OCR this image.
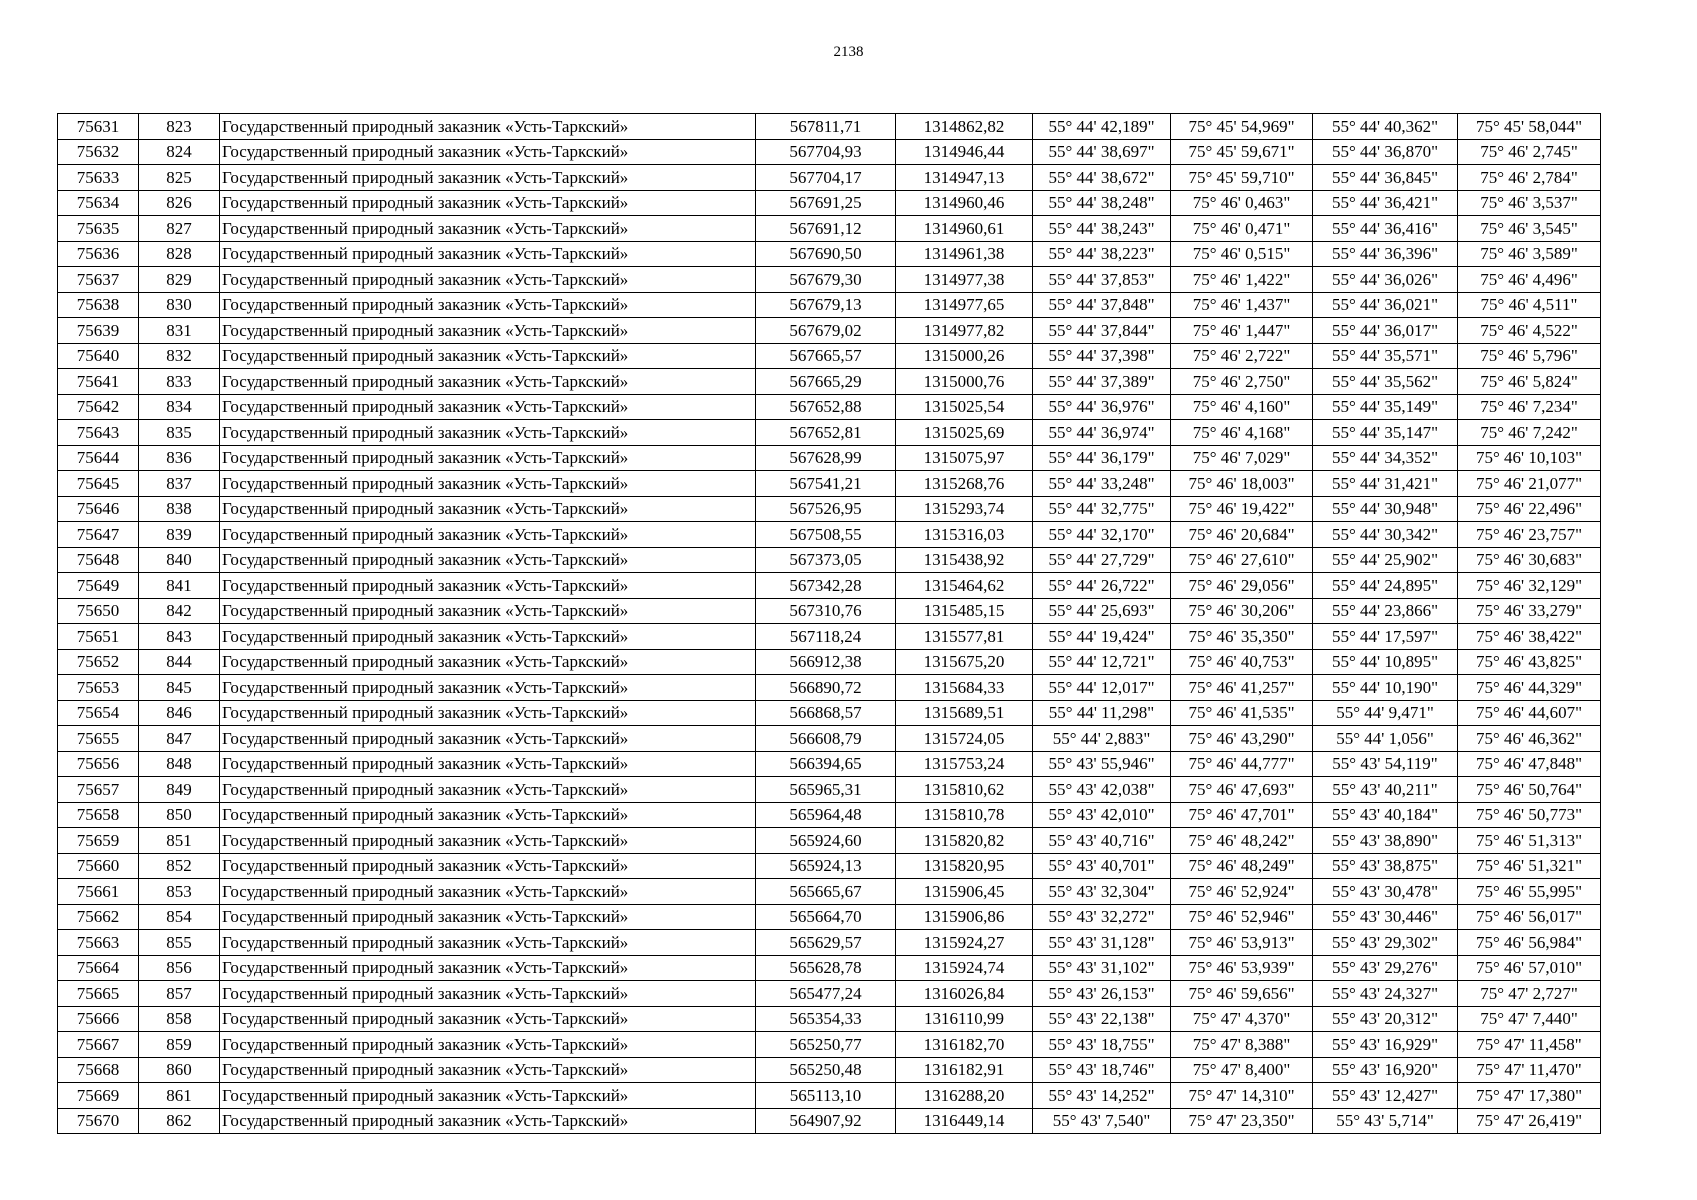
2138
75631	823	Государственный природный заказник «Усть-Таркский»	567811,71	1314862,82	55° 44' 42,189"	75° 45' 54,969"	55° 44' 40,362"	75° 45' 58,044"
75632	824	Государственный природный заказник «Усть-Таркский»	567704,93	1314946,44	55° 44' 38,697"	75° 45' 59,671"	55° 44' 36,870"	75° 46' 2,745"
75633	825	Государственный природный заказник «Усть-Таркский»	567704,17	1314947,13	55° 44' 38,672"	75° 45' 59,710"	55° 44' 36,845"	75° 46' 2,784"
75634	826	Государственный природный заказник «Усть-Таркский»	567691,25	1314960,46	55° 44' 38,248"	75° 46' 0,463"	55° 44' 36,421"	75° 46' 3,537"
75635	827	Государственный природный заказник «Усть-Таркский»	567691,12	1314960,61	55° 44' 38,243"	75° 46' 0,471"	55° 44' 36,416"	75° 46' 3,545"
75636	828	Государственный природный заказник «Усть-Таркский»	567690,50	1314961,38	55° 44' 38,223"	75° 46' 0,515"	55° 44' 36,396"	75° 46' 3,589"
75637	829	Государственный природный заказник «Усть-Таркский»	567679,30	1314977,38	55° 44' 37,853"	75° 46' 1,422"	55° 44' 36,026"	75° 46' 4,496"
75638	830	Государственный природный заказник «Усть-Таркский»	567679,13	1314977,65	55° 44' 37,848"	75° 46' 1,437"	55° 44' 36,021"	75° 46' 4,511"
75639	831	Государственный природный заказник «Усть-Таркский»	567679,02	1314977,82	55° 44' 37,844"	75° 46' 1,447"	55° 44' 36,017"	75° 46' 4,522"
75640	832	Государственный природный заказник «Усть-Таркский»	567665,57	1315000,26	55° 44' 37,398"	75° 46' 2,722"	55° 44' 35,571"	75° 46' 5,796"
75641	833	Государственный природный заказник «Усть-Таркский»	567665,29	1315000,76	55° 44' 37,389"	75° 46' 2,750"	55° 44' 35,562"	75° 46' 5,824"
75642	834	Государственный природный заказник «Усть-Таркский»	567652,88	1315025,54	55° 44' 36,976"	75° 46' 4,160"	55° 44' 35,149"	75° 46' 7,234"
75643	835	Государственный природный заказник «Усть-Таркский»	567652,81	1315025,69	55° 44' 36,974"	75° 46' 4,168"	55° 44' 35,147"	75° 46' 7,242"
75644	836	Государственный природный заказник «Усть-Таркский»	567628,99	1315075,97	55° 44' 36,179"	75° 46' 7,029"	55° 44' 34,352"	75° 46' 10,103"
75645	837	Государственный природный заказник «Усть-Таркский»	567541,21	1315268,76	55° 44' 33,248"	75° 46' 18,003"	55° 44' 31,421"	75° 46' 21,077"
75646	838	Государственный природный заказник «Усть-Таркский»	567526,95	1315293,74	55° 44' 32,775"	75° 46' 19,422"	55° 44' 30,948"	75° 46' 22,496"
75647	839	Государственный природный заказник «Усть-Таркский»	567508,55	1315316,03	55° 44' 32,170"	75° 46' 20,684"	55° 44' 30,342"	75° 46' 23,757"
75648	840	Государственный природный заказник «Усть-Таркский»	567373,05	1315438,92	55° 44' 27,729"	75° 46' 27,610"	55° 44' 25,902"	75° 46' 30,683"
75649	841	Государственный природный заказник «Усть-Таркский»	567342,28	1315464,62	55° 44' 26,722"	75° 46' 29,056"	55° 44' 24,895"	75° 46' 32,129"
75650	842	Государственный природный заказник «Усть-Таркский»	567310,76	1315485,15	55° 44' 25,693"	75° 46' 30,206"	55° 44' 23,866"	75° 46' 33,279"
75651	843	Государственный природный заказник «Усть-Таркский»	567118,24	1315577,81	55° 44' 19,424"	75° 46' 35,350"	55° 44' 17,597"	75° 46' 38,422"
75652	844	Государственный природный заказник «Усть-Таркский»	566912,38	1315675,20	55° 44' 12,721"	75° 46' 40,753"	55° 44' 10,895"	75° 46' 43,825"
75653	845	Государственный природный заказник «Усть-Таркский»	566890,72	1315684,33	55° 44' 12,017"	75° 46' 41,257"	55° 44' 10,190"	75° 46' 44,329"
75654	846	Государственный природный заказник «Усть-Таркский»	566868,57	1315689,51	55° 44' 11,298"	75° 46' 41,535"	55° 44' 9,471"	75° 46' 44,607"
75655	847	Государственный природный заказник «Усть-Таркский»	566608,79	1315724,05	55° 44' 2,883"	75° 46' 43,290"	55° 44' 1,056"	75° 46' 46,362"
75656	848	Государственный природный заказник «Усть-Таркский»	566394,65	1315753,24	55° 43' 55,946"	75° 46' 44,777"	55° 43' 54,119"	75° 46' 47,848"
75657	849	Государственный природный заказник «Усть-Таркский»	565965,31	1315810,62	55° 43' 42,038"	75° 46' 47,693"	55° 43' 40,211"	75° 46' 50,764"
75658	850	Государственный природный заказник «Усть-Таркский»	565964,48	1315810,78	55° 43' 42,010"	75° 46' 47,701"	55° 43' 40,184"	75° 46' 50,773"
75659	851	Государственный природный заказник «Усть-Таркский»	565924,60	1315820,82	55° 43' 40,716"	75° 46' 48,242"	55° 43' 38,890"	75° 46' 51,313"
75660	852	Государственный природный заказник «Усть-Таркский»	565924,13	1315820,95	55° 43' 40,701"	75° 46' 48,249"	55° 43' 38,875"	75° 46' 51,321"
75661	853	Государственный природный заказник «Усть-Таркский»	565665,67	1315906,45	55° 43' 32,304"	75° 46' 52,924"	55° 43' 30,478"	75° 46' 55,995"
75662	854	Государственный природный заказник «Усть-Таркский»	565664,70	1315906,86	55° 43' 32,272"	75° 46' 52,946"	55° 43' 30,446"	75° 46' 56,017"
75663	855	Государственный природный заказник «Усть-Таркский»	565629,57	1315924,27	55° 43' 31,128"	75° 46' 53,913"	55° 43' 29,302"	75° 46' 56,984"
75664	856	Государственный природный заказник «Усть-Таркский»	565628,78	1315924,74	55° 43' 31,102"	75° 46' 53,939"	55° 43' 29,276"	75° 46' 57,010"
75665	857	Государственный природный заказник «Усть-Таркский»	565477,24	1316026,84	55° 43' 26,153"	75° 46' 59,656"	55° 43' 24,327"	75° 47' 2,727"
75666	858	Государственный природный заказник «Усть-Таркский»	565354,33	1316110,99	55° 43' 22,138"	75° 47' 4,370"	55° 43' 20,312"	75° 47' 7,440"
75667	859	Государственный природный заказник «Усть-Таркский»	565250,77	1316182,70	55° 43' 18,755"	75° 47' 8,388"	55° 43' 16,929"	75° 47' 11,458"
75668	860	Государственный природный заказник «Усть-Таркский»	565250,48	1316182,91	55° 43' 18,746"	75° 47' 8,400"	55° 43' 16,920"	75° 47' 11,470"
75669	861	Государственный природный заказник «Усть-Таркский»	565113,10	1316288,20	55° 43' 14,252"	75° 47' 14,310"	55° 43' 12,427"	75° 47' 17,380"
75670	862	Государственный природный заказник «Усть-Таркский»	564907,92	1316449,14	55° 43' 7,540"	75° 47' 23,350"	55° 43' 5,714"	75° 47' 26,419"
